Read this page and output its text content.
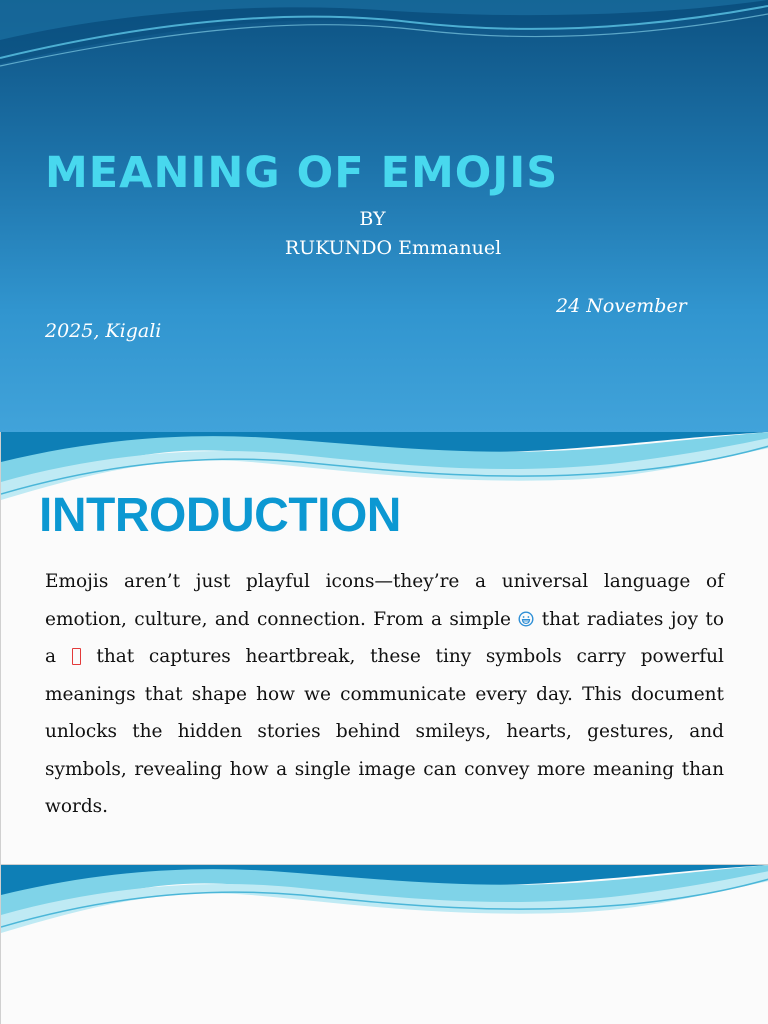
MEANING OF EMOJIS
BY
RUKUNDO Emmanuel
24 November
2025, Kigali
INTRODUCTION

Emojis aren’t just playful icons—they’re a universal language of emotion, culture, and connection. From a simple  that radiates joy to a  that captures heartbreak, these tiny symbols carry powerful meanings that shape how we communicate every day. This document unlocks the hidden stories behind smileys, hearts, gestures, and symbols, revealing how a single image can convey more meaning than words.
